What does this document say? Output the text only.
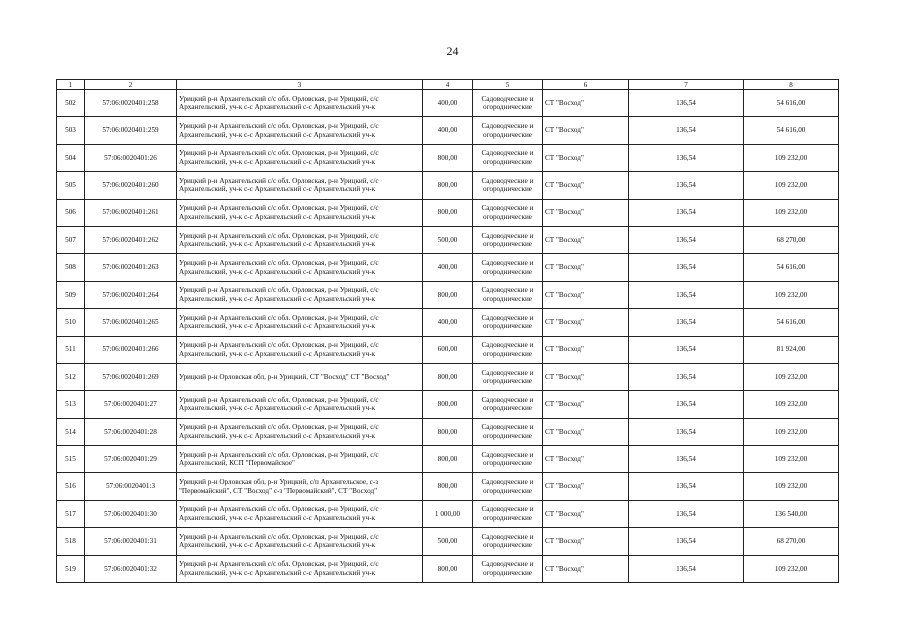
24
1	2	3	4	5	6	7	8
502	57:06:0020401:258	Урицкий р-н Архангельский с/с обл. Орловская, р-н Урицкий, с/с Архангельский, уч-к с-с Архангельский с-с Архангельский уч-к	400,00	Садоводческие и огороднические	СТ "Восход"	136,54	54 616,00
503	57:06:0020401:259	Урицкий р-н Архангельский с/с обл. Орловская, р-н Урицкий, с/с Архангельский, уч-к с-с Архангельский с-с Архангельский уч-к	400,00	Садоводческие и огороднические	СТ "Восход"	136,54	54 616,00
504	57:06:0020401:26	Урицкий р-н Архангельский с/с обл. Орловская, р-н Урицкий, с/с Архангельский, уч-к с-с Архангельский с-с Архангельский уч-к	800,00	Садоводческие и огороднические	СТ "Восход"	136,54	109 232,00
505	57:06:0020401:260	Урицкий р-н Архангельский с/с обл. Орловская, р-н Урицкий, с/с Архангельский, уч-к с-с Архангельский с-с Архангельский уч-к	800,00	Садоводческие и огороднические	СТ "Восход"	136,54	109 232,00
506	57:06:0020401:261	Урицкий р-н Архангельский с/с обл. Орловская, р-н Урицкий, с/с Архангельский, уч-к с-с Архангельский с-с Архангельский уч-к	800,00	Садоводческие и огороднические	СТ "Восход"	136,54	109 232,00
507	57:06:0020401:262	Урицкий р-н Архангельский с/с обл. Орловская, р-н Урицкий, с/с Архангельский, уч-к с-с Архангельский с-с Архангельский уч-к	500,00	Садоводческие и огороднические	СТ "Восход"	136,54	68 270,00
508	57:06:0020401:263	Урицкий р-н Архангельский с/с обл. Орловская, р-н Урицкий, с/с Архангельский, уч-к с-с Архангельский с-с Архангельский уч-к	400,00	Садоводческие и огороднические	СТ "Восход"	136,54	54 616,00
509	57:06:0020401:264	Урицкий р-н Архангельский с/с обл. Орловская, р-н Урицкий, с/с Архангельский, уч-к с-с Архангельский с-с Архангельский уч-к	800,00	Садоводческие и огороднические	СТ "Восход"	136,54	109 232,00
510	57:06:0020401:265	Урицкий р-н Архангельский с/с обл. Орловская, р-н Урицкий, с/с Архангельский, уч-к с-с Архангельский с-с Архангельский уч-к	400,00	Садоводческие и огороднические	СТ "Восход"	136,54	54 616,00
511	57:06:0020401:266	Урицкий р-н Архангельский с/с обл. Орловская, р-н Урицкий, с/с Архангельский, уч-к с-с Архангельский с-с Архангельский уч-к	600,00	Садоводческие и огороднические	СТ "Восход"	136,54	81 924,00
512	57:06:0020401:269	Урицкий р-н Орловская обл, р-н Урицкий, СТ "Восход" СТ "Восход"	800,00	Садоводческие и огороднические	СТ "Восход"	136,54	109 232,00
513	57:06:0020401:27	Урицкий р-н Архангельский с/с обл. Орловская, р-н Урицкий, с/с Архангельский, уч-к с-с Архангельский с-с Архангельский уч-к	800,00	Садоводческие и огороднические	СТ "Восход"	136,54	109 232,00
514	57:06:0020401:28	Урицкий р-н Архангельский с/с обл. Орловская, р-н Урицкий, с/с Архангельский, уч-к с-с Архангельский с-с Архангельский уч-к	800,00	Садоводческие и огороднические	СТ "Восход"	136,54	109 232,00
515	57:06:0020401:29	Урицкий р-н Архангельский с/с обл. Орловская, р-н Урицкий, с/с Архангельский, КСП "Первомайское"	800,00	Садоводческие и огороднические	СТ "Восход"	136,54	109 232,00
516	57:06:0020401:3	Урицкий р-н Орловская обл, р-н Урицкий, с/п Архангельское, с-з "Первомайский", СТ "Восход" с-з "Первомайский", СТ "Восход"	800,00	Садоводческие и огороднические	СТ "Восход"	136,54	109 232,00
517	57:06:0020401:30	Урицкий р-н Архангельский с/с обл. Орловская, р-н Урицкий, с/с Архангельский, уч-к с-с Архангельский с-с Архангельский уч-к	1 000,00	Садоводческие и огороднические	СТ "Восход"	136,54	136 540,00
518	57:06:0020401:31	Урицкий р-н Архангельский с/с обл. Орловская, р-н Урицкий, с/с Архангельский, уч-к с-с Архангельский с-с Архангельский уч-к	500,00	Садоводческие и огороднические	СТ "Восход"	136,54	68 270,00
519	57:06:0020401:32	Урицкий р-н Архангельский с/с обл. Орловская, р-н Урицкий, с/с Архангельский, уч-к с-с Архангельский с-с Архангельский уч-к	800,00	Садоводческие и огороднические	СТ "Восход"	136,54	109 232,00
